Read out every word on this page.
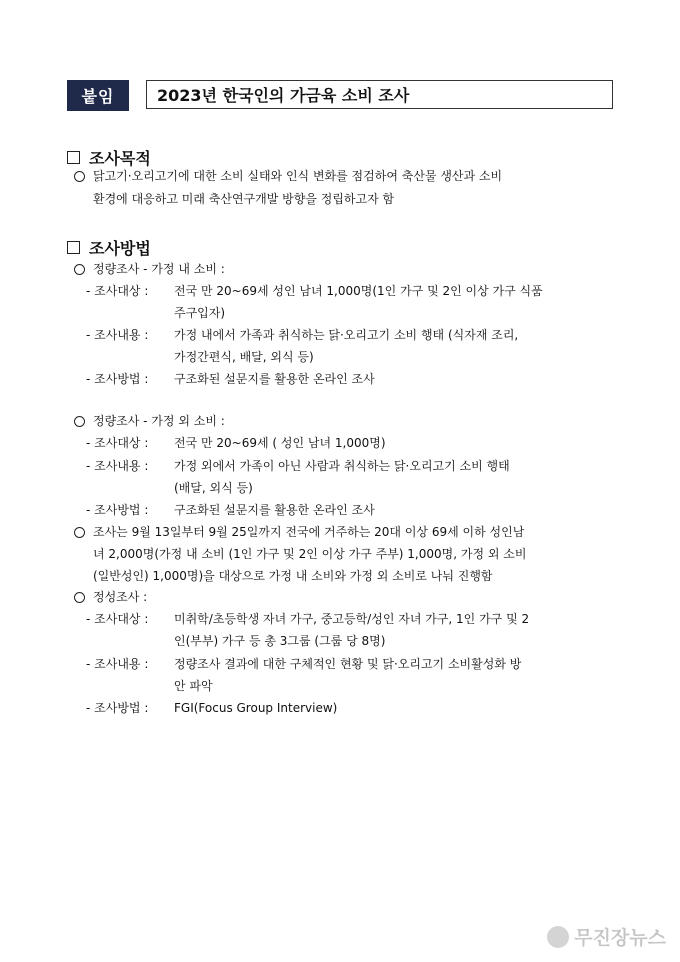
붙임	2023년 한국인의 가금육 소비 조사
조사목적
닭고기·오리고기에 대한 소비 실태와 인식 변화를 점검하여 축산물 생산과 소비
환경에 대응하고 미래 축산연구개발 방향을 정립하고자 함
조사방법
정량조사 - 가정 내 소비 :
- 조사대상 : 전국 만 20~69세 성인 남녀 1,000명(1인 가구 및 2인 이상 가구 식품
주구입자)
- 조사내용 : 가정 내에서 가족과 취식하는 닭·오리고기 소비 행태 (식자재 조리,
가정간편식, 배달, 외식 등)
- 조사방법 : 구조화된 설문지를 활용한 온라인 조사
정량조사 - 가정 외 소비 :
- 조사대상 : 전국 만 20~69세 ( 성인 남녀 1,000명)
- 조사내용 : 가정 외에서 가족이 아닌 사람과 취식하는 닭·오리고기 소비 행태
(배달, 외식 등)
- 조사방법 : 구조화된 설문지를 활용한 온라인 조사
조사는 9월 13일부터 9월 25일까지 전국에 거주하는 20대 이상 69세 이하 성인남
녀 2,000명(가정 내 소비 (1인 가구 및 2인 이상 가구 주부) 1,000명, 가정 외 소비
(일반성인) 1,000명)을 대상으로 가정 내 소비와 가정 외 소비로 나눠 진행함
정성조사 :
- 조사대상 : 미취학/초등학생 자녀 가구, 중고등학/성인 자녀 가구, 1인 가구 및 2
인(부부) 가구 등 총 3그룹 (그룹 당 8명)
- 조사내용 : 정량조사 결과에 대한 구체적인 현황 및 닭·오리고기 소비활성화 방
안 파악
- 조사방법 : FGI(Focus Group Interview)
무진장뉴스
